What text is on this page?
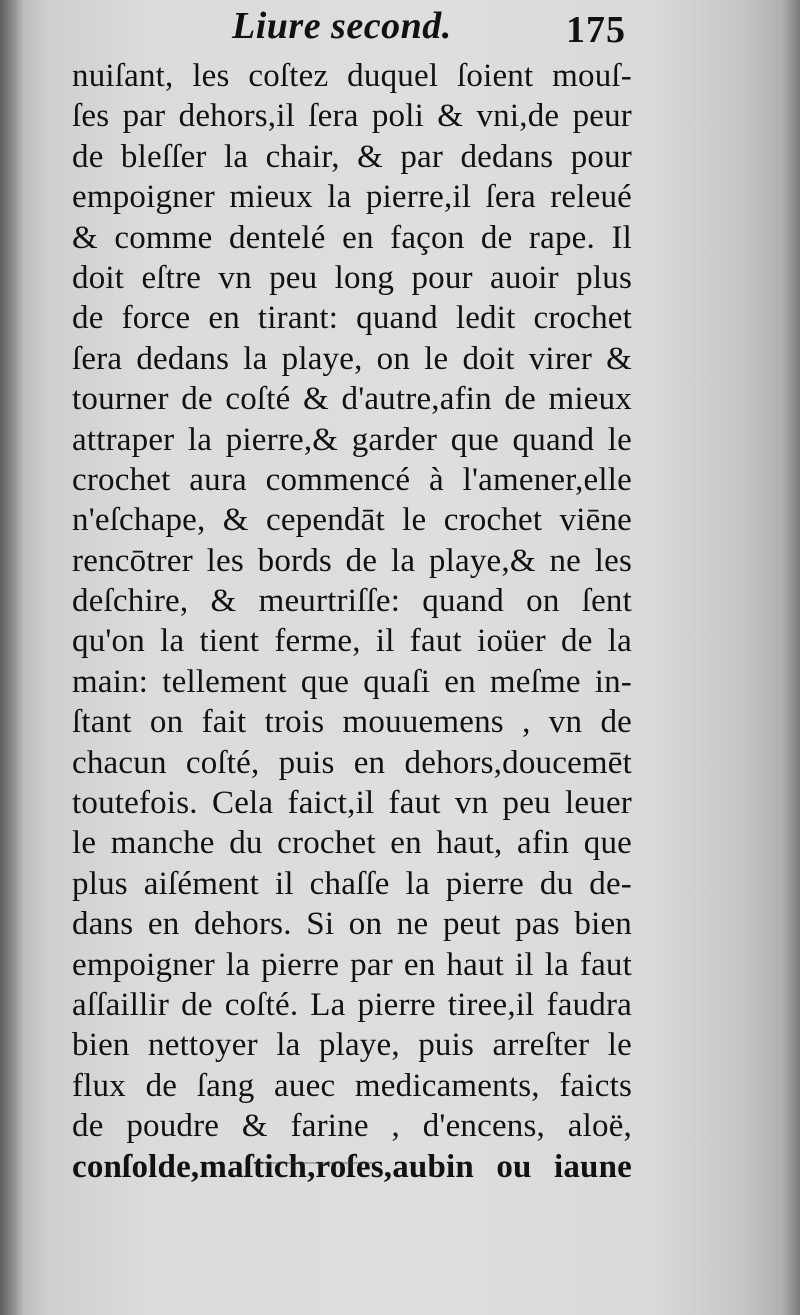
Liure second.	175
nuiſant, les coſtez duquel ſoient mouſ-
ſes par dehors,il ſera poli & vni,de peur
de bleſſer la chair, & par dedans pour
empoigner mieux la pierre,il ſera releué
& comme dentelé en façon de rape. Il
doit eſtre vn peu long pour auoir plus
de force en tirant: quand ledit crochet
ſera dedans la playe, on le doit virer &
tourner de coſté & d'autre,afin de mieux
attraper la pierre,& garder que quand le
crochet aura commencé à l'amener,elle
n'eſchape, & cependāt le crochet viēne
rencōtrer les bords de la playe,& ne les
deſchire, & meurtriſſe: quand on ſent
qu'on la tient ferme, il faut ioüer de la
main: tellement que quaſi en meſme in-
ſtant on fait trois mouuemens , vn de
chacun coſté, puis en dehors,doucemēt
toutefois. Cela faict,il faut vn peu leuer
le manche du crochet en haut, afin que
plus aiſément il chaſſe la pierre du de-
dans en dehors. Si on ne peut pas bien
empoigner la pierre par en haut il la faut
aſſaillir de coſté. La pierre tiree,il faudra
bien nettoyer la playe, puis arreſter le
flux de ſang auec medicaments, faicts
de poudre & farine , d'encens, aloë,
conſolde,maſtich,roſes,aubin ou iaune
